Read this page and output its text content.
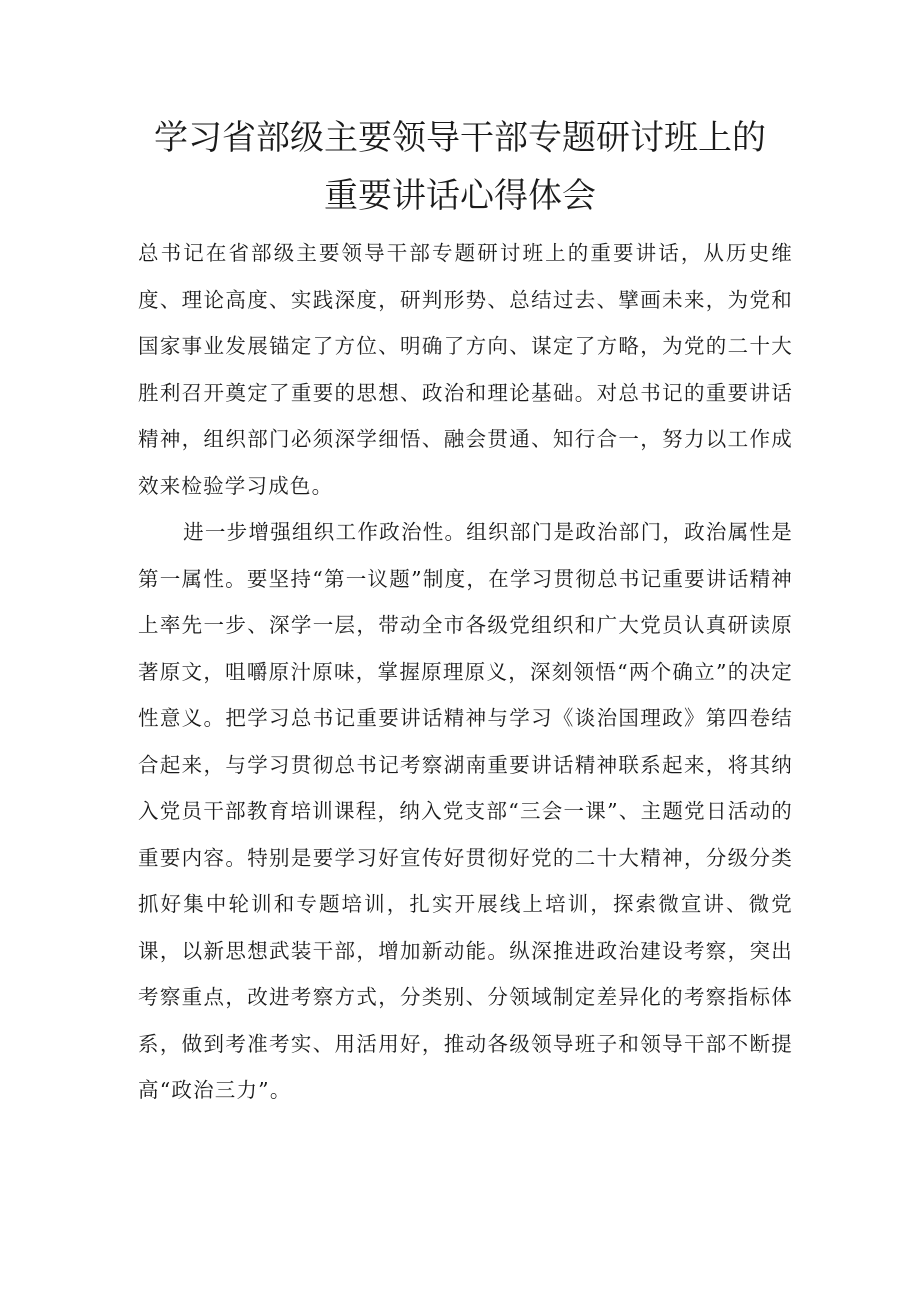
学习省部级主要领导干部专题研讨班上的
重要讲话心得体会

总书记在省部级主要领导干部专题研讨班上的重要讲话，从历史维度、理论高度、实践深度，研判形势、总结过去、擘画未来，为党和国家事业发展锚定了方位、明确了方向、谋定了方略，为党的二十大胜利召开奠定了重要的思想、政治和理论基础。对总书记的重要讲话精神，组织部门必须深学细悟、融会贯通、知行合一，努力以工作成效来检验学习成色。

进一步增强组织工作政治性。组织部门是政治部门，政治属性是第一属性。要坚持“第一议题”制度，在学习贯彻总书记重要讲话精神上率先一步、深学一层，带动全市各级党组织和广大党员认真研读原著原文，咀嚼原汁原味，掌握原理原义，深刻领悟“两个确立”的决定性意义。把学习总书记重要讲话精神与学习《谈治国理政》第四卷结合起来，与学习贯彻总书记考察湖南重要讲话精神联系起来，将其纳入党员干部教育培训课程，纳入党支部“三会一课”、主题党日活动的重要内容。特别是要学习好宣传好贯彻好党的二十大精神，分级分类抓好集中轮训和专题培训，扎实开展线上培训，探索微宣讲、微党课，以新思想武装干部，增加新动能。纵深推进政治建设考察，突出考察重点，改进考察方式，分类别、分领域制定差异化的考察指标体系，做到考准考实、用活用好，推动各级领导班子和领导干部不断提高“政治三力”。
